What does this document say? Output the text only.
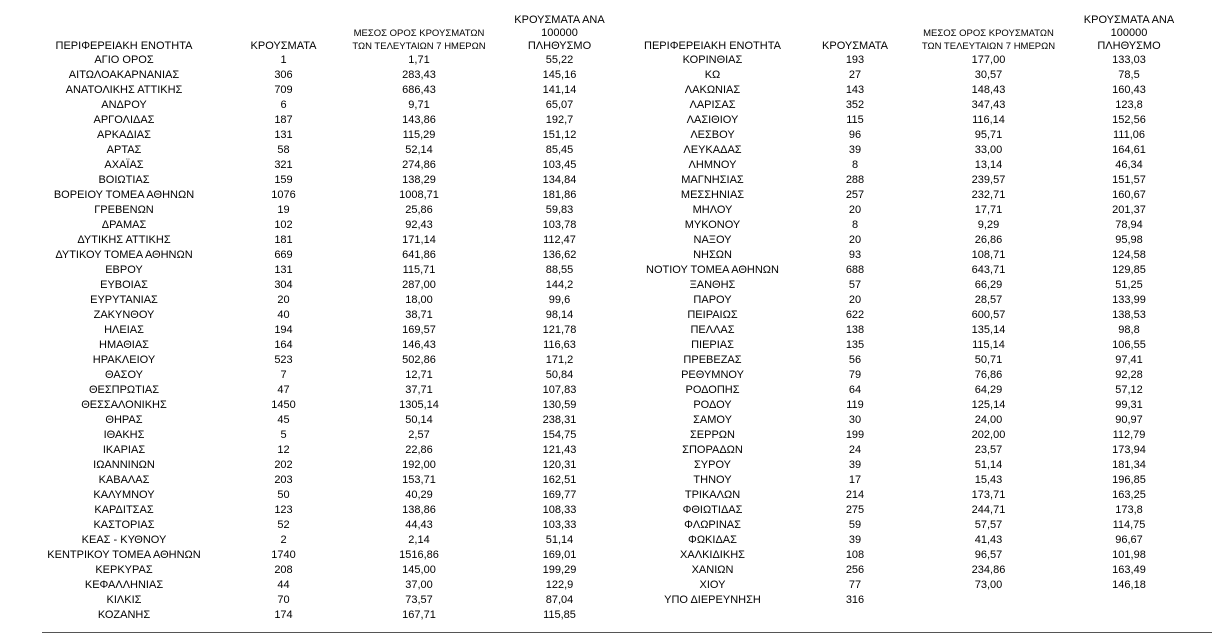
ΠΕΡΙΦΕΡΕΙΑΚΗ ΕΝΟΤΗΤΑ	ΚΡΟΥΣΜΑΤΑ	ΜΕΣΟΣ ΟΡΟΣ ΚΡΟΥΣΜΑΤΩΝ
ΤΩΝ ΤΕΛΕΥΤΑΙΩΝ 7 ΗΜΕΡΩΝ	ΚΡΟΥΣΜΑΤΑ ΑΝΑ 100000
ΠΛΗΘΥΣΜΟ
ΑΓΙΟ ΟΡΟΣ	1	1,71	55,22
ΑΙΤΩΛΟΑΚΑΡΝΑΝΙΑΣ	306	283,43	145,16
ΑΝΑΤΟΛΙΚΗΣ ΑΤΤΙΚΗΣ	709	686,43	141,14
ΑΝΔΡΟΥ	6	9,71	65,07
ΑΡΓΟΛΙΔΑΣ	187	143,86	192,7
ΑΡΚΑΔΙΑΣ	131	115,29	151,12
ΑΡΤΑΣ	58	52,14	85,45
ΑΧΑΪΑΣ	321	274,86	103,45
ΒΟΙΩΤΙΑΣ	159	138,29	134,84
ΒΟΡΕΙΟΥ ΤΟΜΕΑ ΑΘΗΝΩΝ	1076	1008,71	181,86
ΓΡΕΒΕΝΩΝ	19	25,86	59,83
ΔΡΑΜΑΣ	102	92,43	103,78
ΔΥΤΙΚΗΣ ΑΤΤΙΚΗΣ	181	171,14	112,47
ΔΥΤΙΚΟΥ ΤΟΜΕΑ ΑΘΗΝΩΝ	669	641,86	136,62
ΕΒΡΟΥ	131	115,71	88,55
ΕΥΒΟΙΑΣ	304	287,00	144,2
ΕΥΡΥΤΑΝΙΑΣ	20	18,00	99,6
ΖΑΚΥΝΘΟΥ	40	38,71	98,14
ΗΛΕΙΑΣ	194	169,57	121,78
ΗΜΑΘΙΑΣ	164	146,43	116,63
ΗΡΑΚΛΕΙΟΥ	523	502,86	171,2
ΘΑΣΟΥ	7	12,71	50,84
ΘΕΣΠΡΩΤΙΑΣ	47	37,71	107,83
ΘΕΣΣΑΛΟΝΙΚΗΣ	1450	1305,14	130,59
ΘΗΡΑΣ	45	50,14	238,31
ΙΘΑΚΗΣ	5	2,57	154,75
ΙΚΑΡΙΑΣ	12	22,86	121,43
ΙΩΑΝΝΙΝΩΝ	202	192,00	120,31
ΚΑΒΑΛΑΣ	203	153,71	162,51
ΚΑΛΥΜΝΟΥ	50	40,29	169,77
ΚΑΡΔΙΤΣΑΣ	123	138,86	108,33
ΚΑΣΤΟΡΙΑΣ	52	44,43	103,33
ΚΕΑΣ - ΚΥΘΝΟΥ	2	2,14	51,14
ΚΕΝΤΡΙΚΟΥ ΤΟΜΕΑ ΑΘΗΝΩΝ	1740	1516,86	169,01
ΚΕΡΚΥΡΑΣ	208	145,00	199,29
ΚΕΦΑΛΛΗΝΙΑΣ	44	37,00	122,9
ΚΙΛΚΙΣ	70	73,57	87,04
ΚΟΖΑΝΗΣ	174	167,71	115,85
ΠΕΡΙΦΕΡΕΙΑΚΗ ΕΝΟΤΗΤΑ	ΚΡΟΥΣΜΑΤΑ	ΜΕΣΟΣ ΟΡΟΣ ΚΡΟΥΣΜΑΤΩΝ
ΤΩΝ ΤΕΛΕΥΤΑΙΩΝ 7 ΗΜΕΡΩΝ	ΚΡΟΥΣΜΑΤΑ ΑΝΑ 100000
ΠΛΗΘΥΣΜΟ
ΚΟΡΙΝΘΙΑΣ	193	177,00	133,03
ΚΩ	27	30,57	78,5
ΛΑΚΩΝΙΑΣ	143	148,43	160,43
ΛΑΡΙΣΑΣ	352	347,43	123,8
ΛΑΣΙΘΙΟΥ	115	116,14	152,56
ΛΕΣΒΟΥ	96	95,71	111,06
ΛΕΥΚΑΔΑΣ	39	33,00	164,61
ΛΗΜΝΟΥ	8	13,14	46,34
ΜΑΓΝΗΣΙΑΣ	288	239,57	151,57
ΜΕΣΣΗΝΙΑΣ	257	232,71	160,67
ΜΗΛΟΥ	20	17,71	201,37
ΜΥΚΟΝΟΥ	8	9,29	78,94
ΝΑΞΟΥ	20	26,86	95,98
ΝΗΣΩΝ	93	108,71	124,58
ΝΟΤΙΟΥ ΤΟΜΕΑ ΑΘΗΝΩΝ	688	643,71	129,85
ΞΑΝΘΗΣ	57	66,29	51,25
ΠΑΡΟΥ	20	28,57	133,99
ΠΕΙΡΑΙΩΣ	622	600,57	138,53
ΠΕΛΛΑΣ	138	135,14	98,8
ΠΙΕΡΙΑΣ	135	115,14	106,55
ΠΡΕΒΕΖΑΣ	56	50,71	97,41
ΡΕΘΥΜΝΟΥ	79	76,86	92,28
ΡΟΔΟΠΗΣ	64	64,29	57,12
ΡΟΔΟΥ	119	125,14	99,31
ΣΑΜΟΥ	30	24,00	90,97
ΣΕΡΡΩΝ	199	202,00	112,79
ΣΠΟΡΑΔΩΝ	24	23,57	173,94
ΣΥΡΟΥ	39	51,14	181,34
ΤΗΝΟΥ	17	15,43	196,85
ΤΡΙΚΑΛΩΝ	214	173,71	163,25
ΦΘΙΩΤΙΔΑΣ	275	244,71	173,8
ΦΛΩΡΙΝΑΣ	59	57,57	114,75
ΦΩΚΙΔΑΣ	39	41,43	96,67
ΧΑΛΚΙΔΙΚΗΣ	108	96,57	101,98
ΧΑΝΙΩΝ	256	234,86	163,49
ΧΙΟΥ	77	73,00	146,18
ΥΠΟ ΔΙΕΡΕΥΝΗΣΗ	316		
